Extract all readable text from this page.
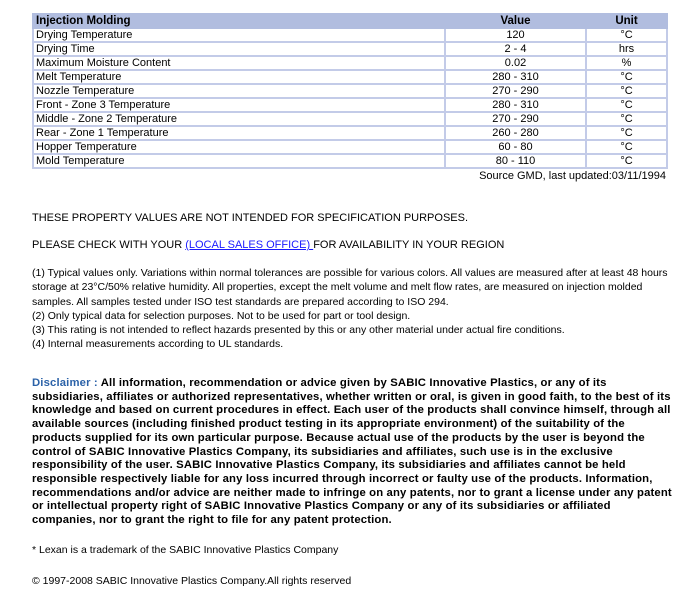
Injection Molding	Value	Unit
Drying Temperature	120	°C
Drying Time	2 - 4	hrs
Maximum Moisture Content	0.02	%
Melt Temperature	280 - 310	°C
Nozzle Temperature	270 - 290	°C
Front - Zone 3 Temperature	280 - 310	°C
Middle - Zone 2 Temperature	270 - 290	°C
Rear - Zone 1 Temperature	260 - 280	°C
Hopper Temperature	60 - 80	°C
Mold Temperature	80 - 110	°C
Source GMD, last updated:03/11/1994
THESE PROPERTY VALUES ARE NOT INTENDED FOR SPECIFICATION PURPOSES.
PLEASE CHECK WITH YOUR (LOCAL SALES OFFICE) FOR AVAILABILITY IN YOUR REGION

(1) Typical values only. Variations within normal tolerances are possible for various colors. All values are measured after at least 48 hours storage at 23°C/50% relative humidity. All properties, except the melt volume and melt flow rates, are measured on injection molded samples. All samples tested under ISO test standards are prepared according to ISO 294.

(2) Only typical data for selection purposes. Not to be used for part or tool design.

(3) This rating is not intended to reflect hazards presented by this or any other material under actual fire conditions.

(4) Internal measurements according to UL standards.

Disclaimer : All information, recommendation or advice given by SABIC Innovative Plastics, or any of its subsidiaries, affiliates or authorized representatives, whether written or oral, is given in good faith, to the best of its knowledge and based on current procedures in effect. Each user of the products shall convince himself, through all available sources (including finished product testing in its appropriate environment) of the suitability of the products supplied for its own particular purpose. Because actual use of the products by the user is beyond the control of SABIC Innovative Plastics Company, its subsidiaries and affiliates, such use is in the exclusive responsibility of the user. SABIC Innovative Plastics Company, its subsidiaries and affiliates cannot be held responsible respectively liable for any loss incurred through incorrect or faulty use of the products. Information, recommendations and/or advice are neither made to infringe on any patents, nor to grant a license under any patent or intellectual property right of SABIC Innovative Plastics Company or any of its subsidiaries or affiliated companies, nor to grant the right to file for any patent protection.
* Lexan is a trademark of the SABIC Innovative Plastics Company
© 1997-2008 SABIC Innovative Plastics Company.All rights reserved
